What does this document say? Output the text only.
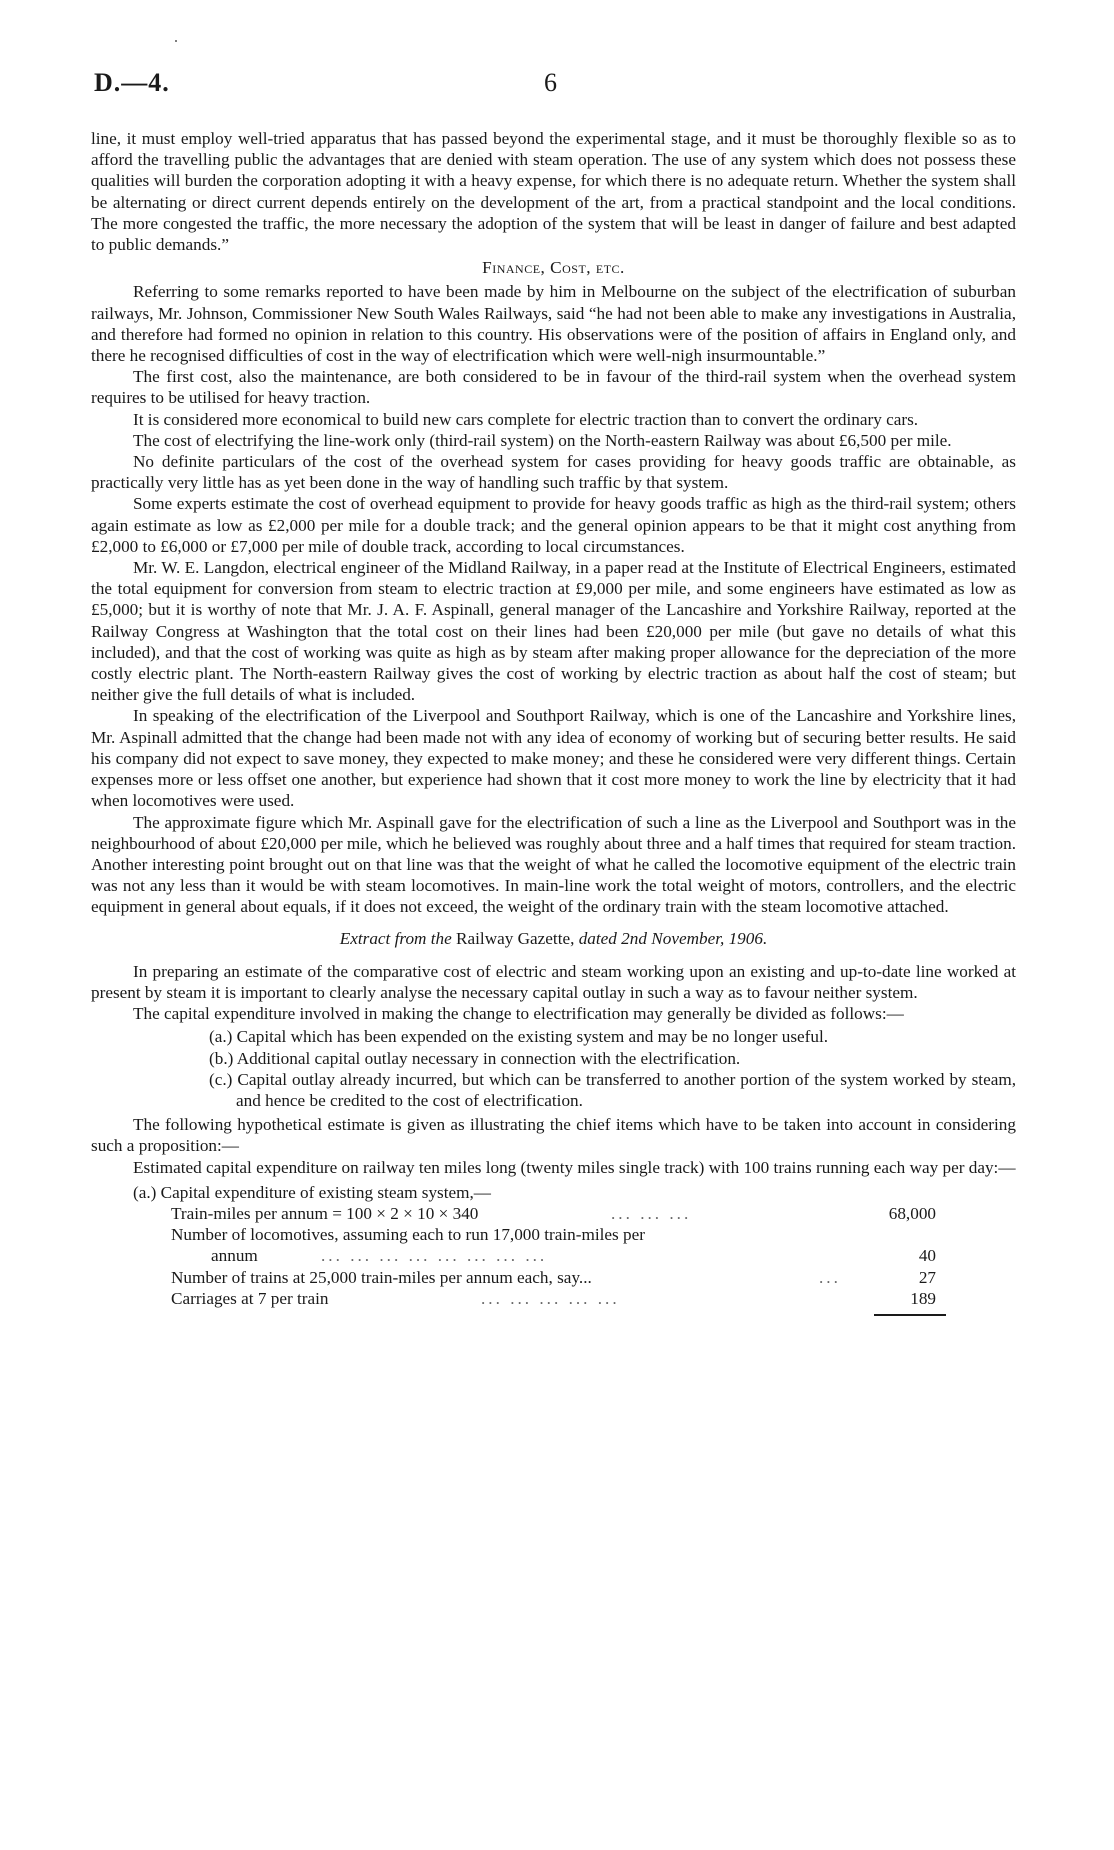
D.—4.	6

line, it must employ well-tried apparatus that has passed beyond the experimental stage, and it must be thoroughly flexible so as to afford the travelling public the advantages that are denied with steam operation. The use of any system which does not possess these qualities will burden the corporation adopting it with a heavy expense, for which there is no adequate return. Whether the system shall be alternating or direct current depends entirely on the development of the art, from a practical standpoint and the local conditions. The more congested the traffic, the more necessary the adoption of the system that will be least in danger of failure and best adapted to public demands.”

Finance, Cost, etc.

Referring to some remarks reported to have been made by him in Melbourne on the subject of the electrification of suburban railways, Mr. Johnson, Commissioner New South Wales Railways, said “he had not been able to make any investigations in Australia, and therefore had formed no opinion in relation to this country. His observations were of the position of affairs in England only, and there he recognised difficulties of cost in the way of electrification which were well-nigh insurmountable.”

The first cost, also the maintenance, are both considered to be in favour of the third-rail system when the overhead system requires to be utilised for heavy traction.

It is considered more economical to build new cars complete for electric traction than to convert the ordinary cars.

The cost of electrifying the line-work only (third-rail system) on the North-eastern Railway was about £6,500 per mile.

No definite particulars of the cost of the overhead system for cases providing for heavy goods traffic are obtainable, as practically very little has as yet been done in the way of handling such traffic by that system.

Some experts estimate the cost of overhead equipment to provide for heavy goods traffic as high as the third-rail system; others again estimate as low as £2,000 per mile for a double track; and the general opinion appears to be that it might cost anything from £2,000 to £6,000 or £7,000 per mile of double track, according to local circumstances.

Mr. W. E. Langdon, electrical engineer of the Midland Railway, in a paper read at the Institute of Electrical Engineers, estimated the total equipment for conversion from steam to electric traction at £9,000 per mile, and some engineers have estimated as low as £5,000; but it is worthy of note that Mr. J. A. F. Aspinall, general manager of the Lancashire and Yorkshire Railway, reported at the Railway Congress at Washington that the total cost on their lines had been £20,000 per mile (but gave no details of what this included), and that the cost of working was quite as high as by steam after making proper allowance for the depreciation of the more costly electric plant. The North-eastern Railway gives the cost of working by electric traction as about half the cost of steam; but neither give the full details of what is included.

In speaking of the electrification of the Liverpool and Southport Railway, which is one of the Lancashire and Yorkshire lines, Mr. Aspinall admitted that the change had been made not with any idea of economy of working but of securing better results. He said his company did not expect to save money, they expected to make money; and these he considered were very different things. Certain expenses more or less offset one another, but experience had shown that it cost more money to work the line by electricity that it had when locomotives were used.

The approximate figure which Mr. Aspinall gave for the electrification of such a line as the Liverpool and Southport was in the neighbourhood of about £20,000 per mile, which he believed was roughly about three and a half times that required for steam traction. Another interesting point brought out on that line was that the weight of what he called the locomotive equipment of the electric train was not any less than it would be with steam locomotives. In main-line work the total weight of motors, controllers, and the electric equipment in general about equals, if it does not exceed, the weight of the ordinary train with the steam locomotive attached.

Extract from the Railway Gazette, dated 2nd November, 1906.

In preparing an estimate of the comparative cost of electric and steam working upon an existing and up-to-date line worked at present by steam it is important to clearly analyse the necessary capital outlay in such a way as to favour neither system.

The capital expenditure involved in making the change to electrification may generally be divided as follows:—

(a.) Capital which has been expended on the existing system and may be no longer useful.
(b.) Additional capital outlay necessary in connection with the electrification.
(c.) Capital outlay already incurred, but which can be transferred to another portion of the system worked by steam, and hence be credited to the cost of electrification.

The following hypothetical estimate is given as illustrating the chief items which have to be taken into account in considering such a proposition:—

Estimated capital expenditure on railway ten miles long (twenty miles single track) with 100 trains running each way per day:—

(a.) Capital expenditure of existing steam system,—
Train-miles per annum = 100 × 2 × 10 × 340	... ... ...	68,000
Number of locomotives, assuming each to run 17,000 train-miles per
annum	... ... ... ... ... ... ... ...	40
Number of trains at 25,000 train-miles per annum each, say...	...	27
Carriages at 7 per train	... ... ... ... ...	189
